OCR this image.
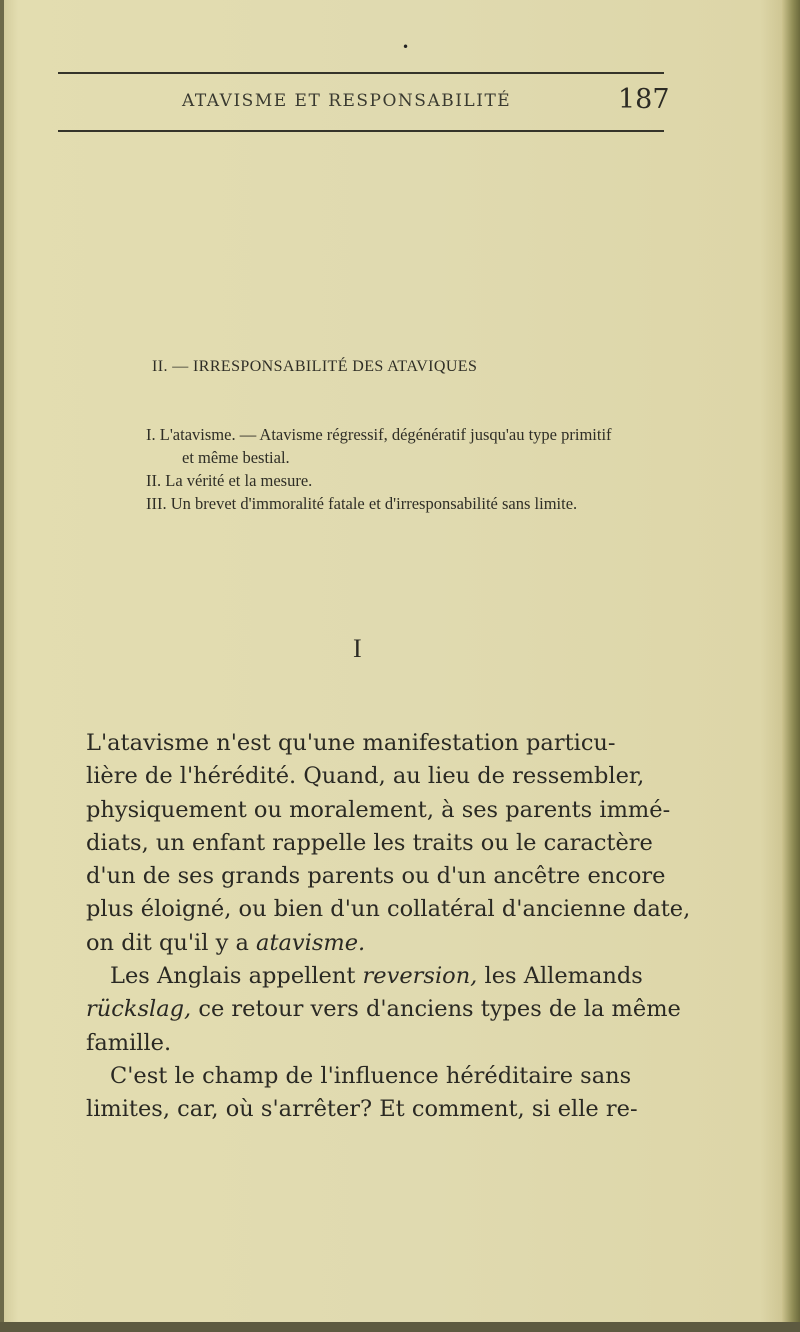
•
ATAVISME ET RESPONSABILITÉ	187
II. — IRRESPONSABILITÉ DES ATAVIQUES
I. L'atavisme. — Atavisme régressif, dégénératif jusqu'au type primitif
et même bestial.
II. La vérité et la mesure.
III. Un brevet d'immoralité fatale et d'irresponsabilité sans limite.
I
L'atavisme n'est qu'une manifestation particu-
lière de l'hérédité. Quand, au lieu de ressembler,
physiquement ou moralement, à ses parents immé-
diats, un enfant rappelle les traits ou le caractère
d'un de ses grands parents ou d'un ancêtre encore
plus éloigné, ou bien d'un collatéral d'ancienne date,
on dit qu'il y a atavisme.
Les Anglais appellent reversion, les Allemands
rückslag, ce retour vers d'anciens types de la même
famille.
C'est le champ de l'influence héréditaire sans
limites, car, où s'arrêter? Et comment, si elle re-
